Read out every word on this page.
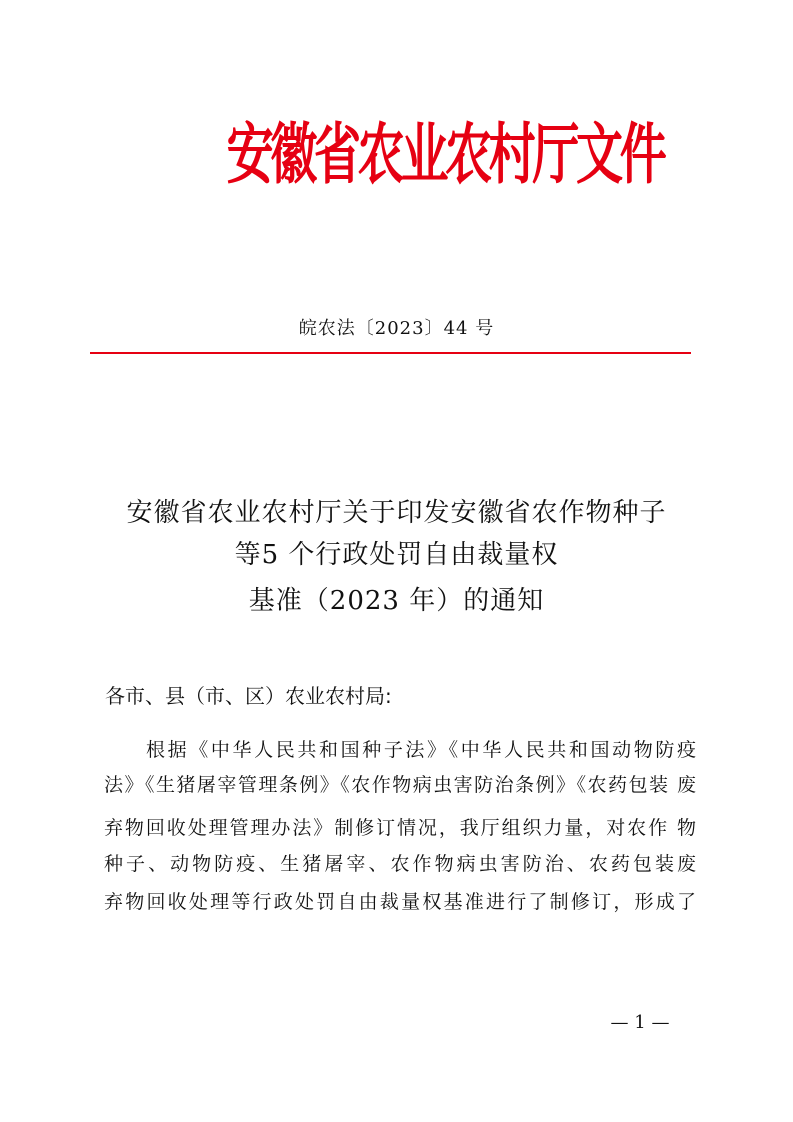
安徽省农业农村厅文件
皖农法〔2023〕44 号
安徽省农业农村厅关于印发安徽省农作物种子
等5 个行政处罚自由裁量权
基准（2023 年）的通知
各市、县（市、区）农业农村局:
根据《中华人民共和国种子法》《中华人民共和国动物防疫
法》《生猪屠宰管理条例》《农作物病虫害防治条例》《农药包装 废
弃物回收处理管理办法》制修订情况，我厅组织力量，对农作 物
种子、动物防疫、生猪屠宰、农作物病虫害防治、农药包装废
弃物回收处理等行政处罚自由裁量权基准进行了制修订，形成了
— 1 —
